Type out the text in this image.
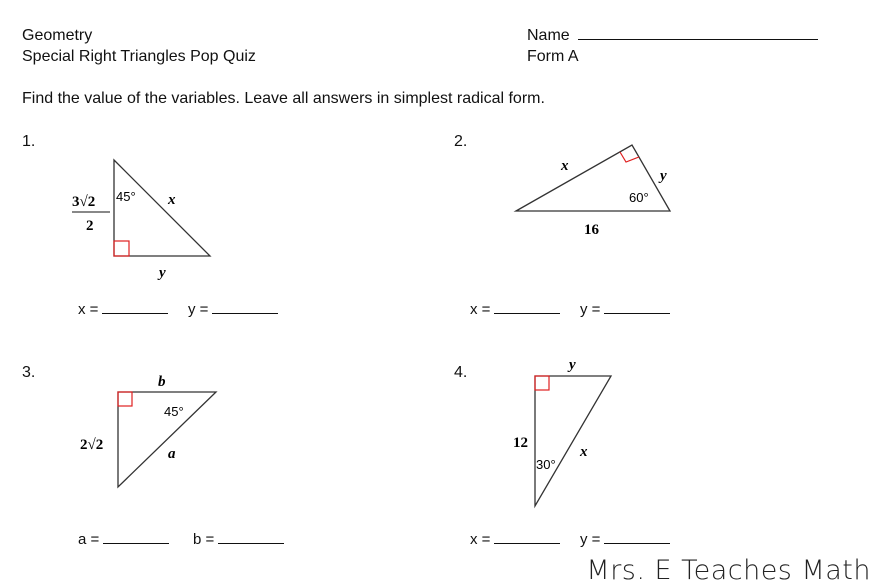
Geometry
Special Right Triangles Pop Quiz
Name
Form A
Find the value of the variables. Leave all answers in simplest radical form.
1.	2.
3.	4.
3√2
2
45° x
y
x
y
60°
16
b
45°
2√2
a
y
12
30°
x
x =	y =	x =	y =
a =	b =	x =	y =
Mrs. E Teaches Math
